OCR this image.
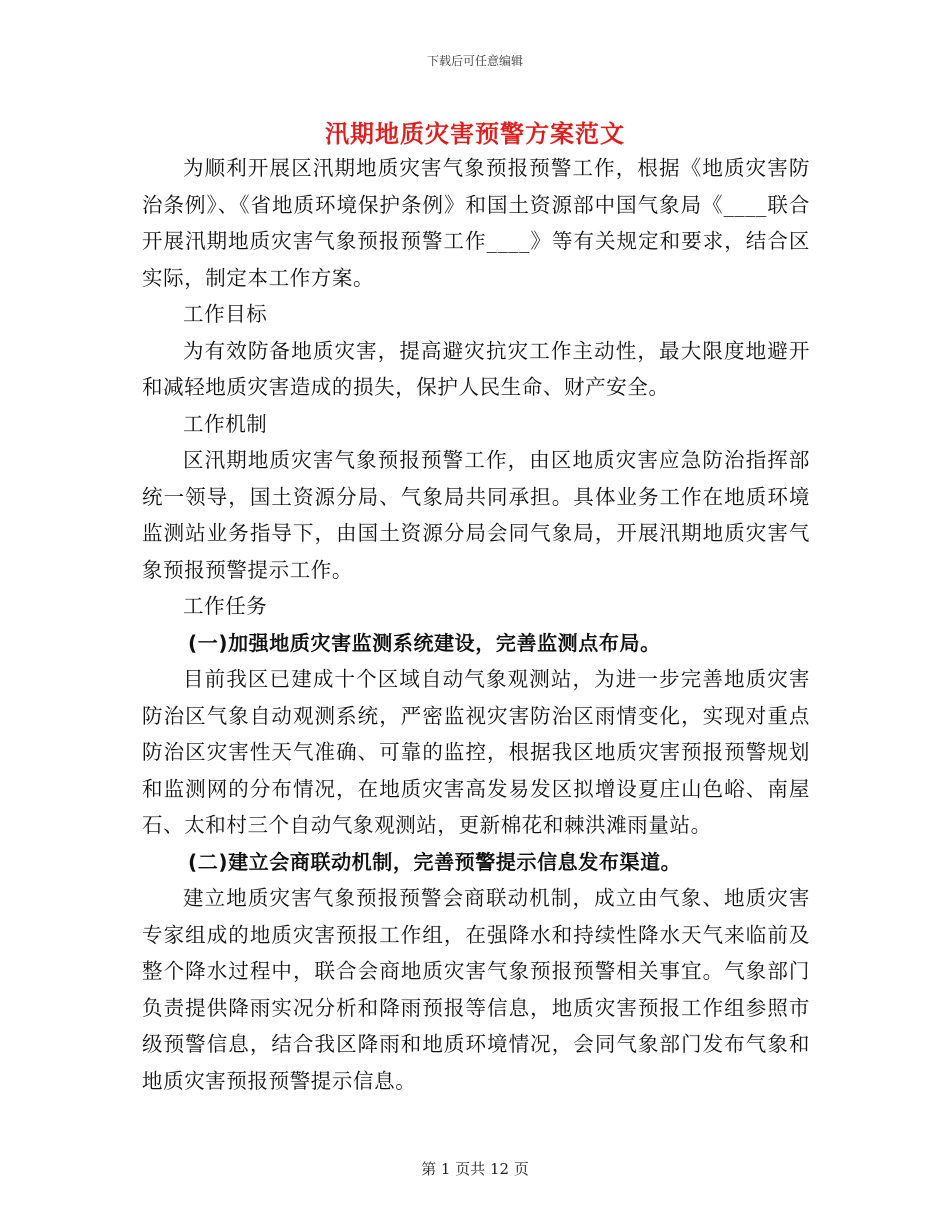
下载后可任意编辑
汛期地质灾害预警方案范文

为顺利开展区汛期地质灾害气象预报预警工作，根据《地质灾害防治条例》、《省地质环境保护条例》和国土资源部中国气象局《____联合开展汛期地质灾害气象预报预警工作____》等有关规定和要求，结合区实际，制定本工作方案。

工作目标

为有效防备地质灾害，提高避灾抗灾工作主动性，最大限度地避开和减轻地质灾害造成的损失，保护人民生命、财产安全。

工作机制

区汛期地质灾害气象预报预警工作，由区地质灾害应急防治指挥部统一领导，国土资源分局、气象局共同承担。具体业务工作在地质环境监测站业务指导下，由国土资源分局会同气象局，开展汛期地质灾害气象预报预警提示工作。

工作任务

(一)加强地质灾害监测系统建设，完善监测点布局。

目前我区已建成十个区域自动气象观测站，为进一步完善地质灾害防治区气象自动观测系统，严密监视灾害防治区雨情变化，实现对重点防治区灾害性天气准确、可靠的监控，根据我区地质灾害预报预警规划和监测网的分布情况，在地质灾害高发易发区拟增设夏庄山色峪、南屋石、太和村三个自动气象观测站，更新棉花和棘洪滩雨量站。

(二)建立会商联动机制，完善预警提示信息发布渠道。

建立地质灾害气象预报预警会商联动机制，成立由气象、地质灾害专家组成的地质灾害预报工作组，在强降水和持续性降水天气来临前及整个降水过程中，联合会商地质灾害气象预报预警相关事宜。气象部门负责提供降雨实况分析和降雨预报等信息，地质灾害预报工作组参照市级预警信息，结合我区降雨和地质环境情况，会同气象部门发布气象和地质灾害预报预警提示信息。

第 1 页共 12 页
